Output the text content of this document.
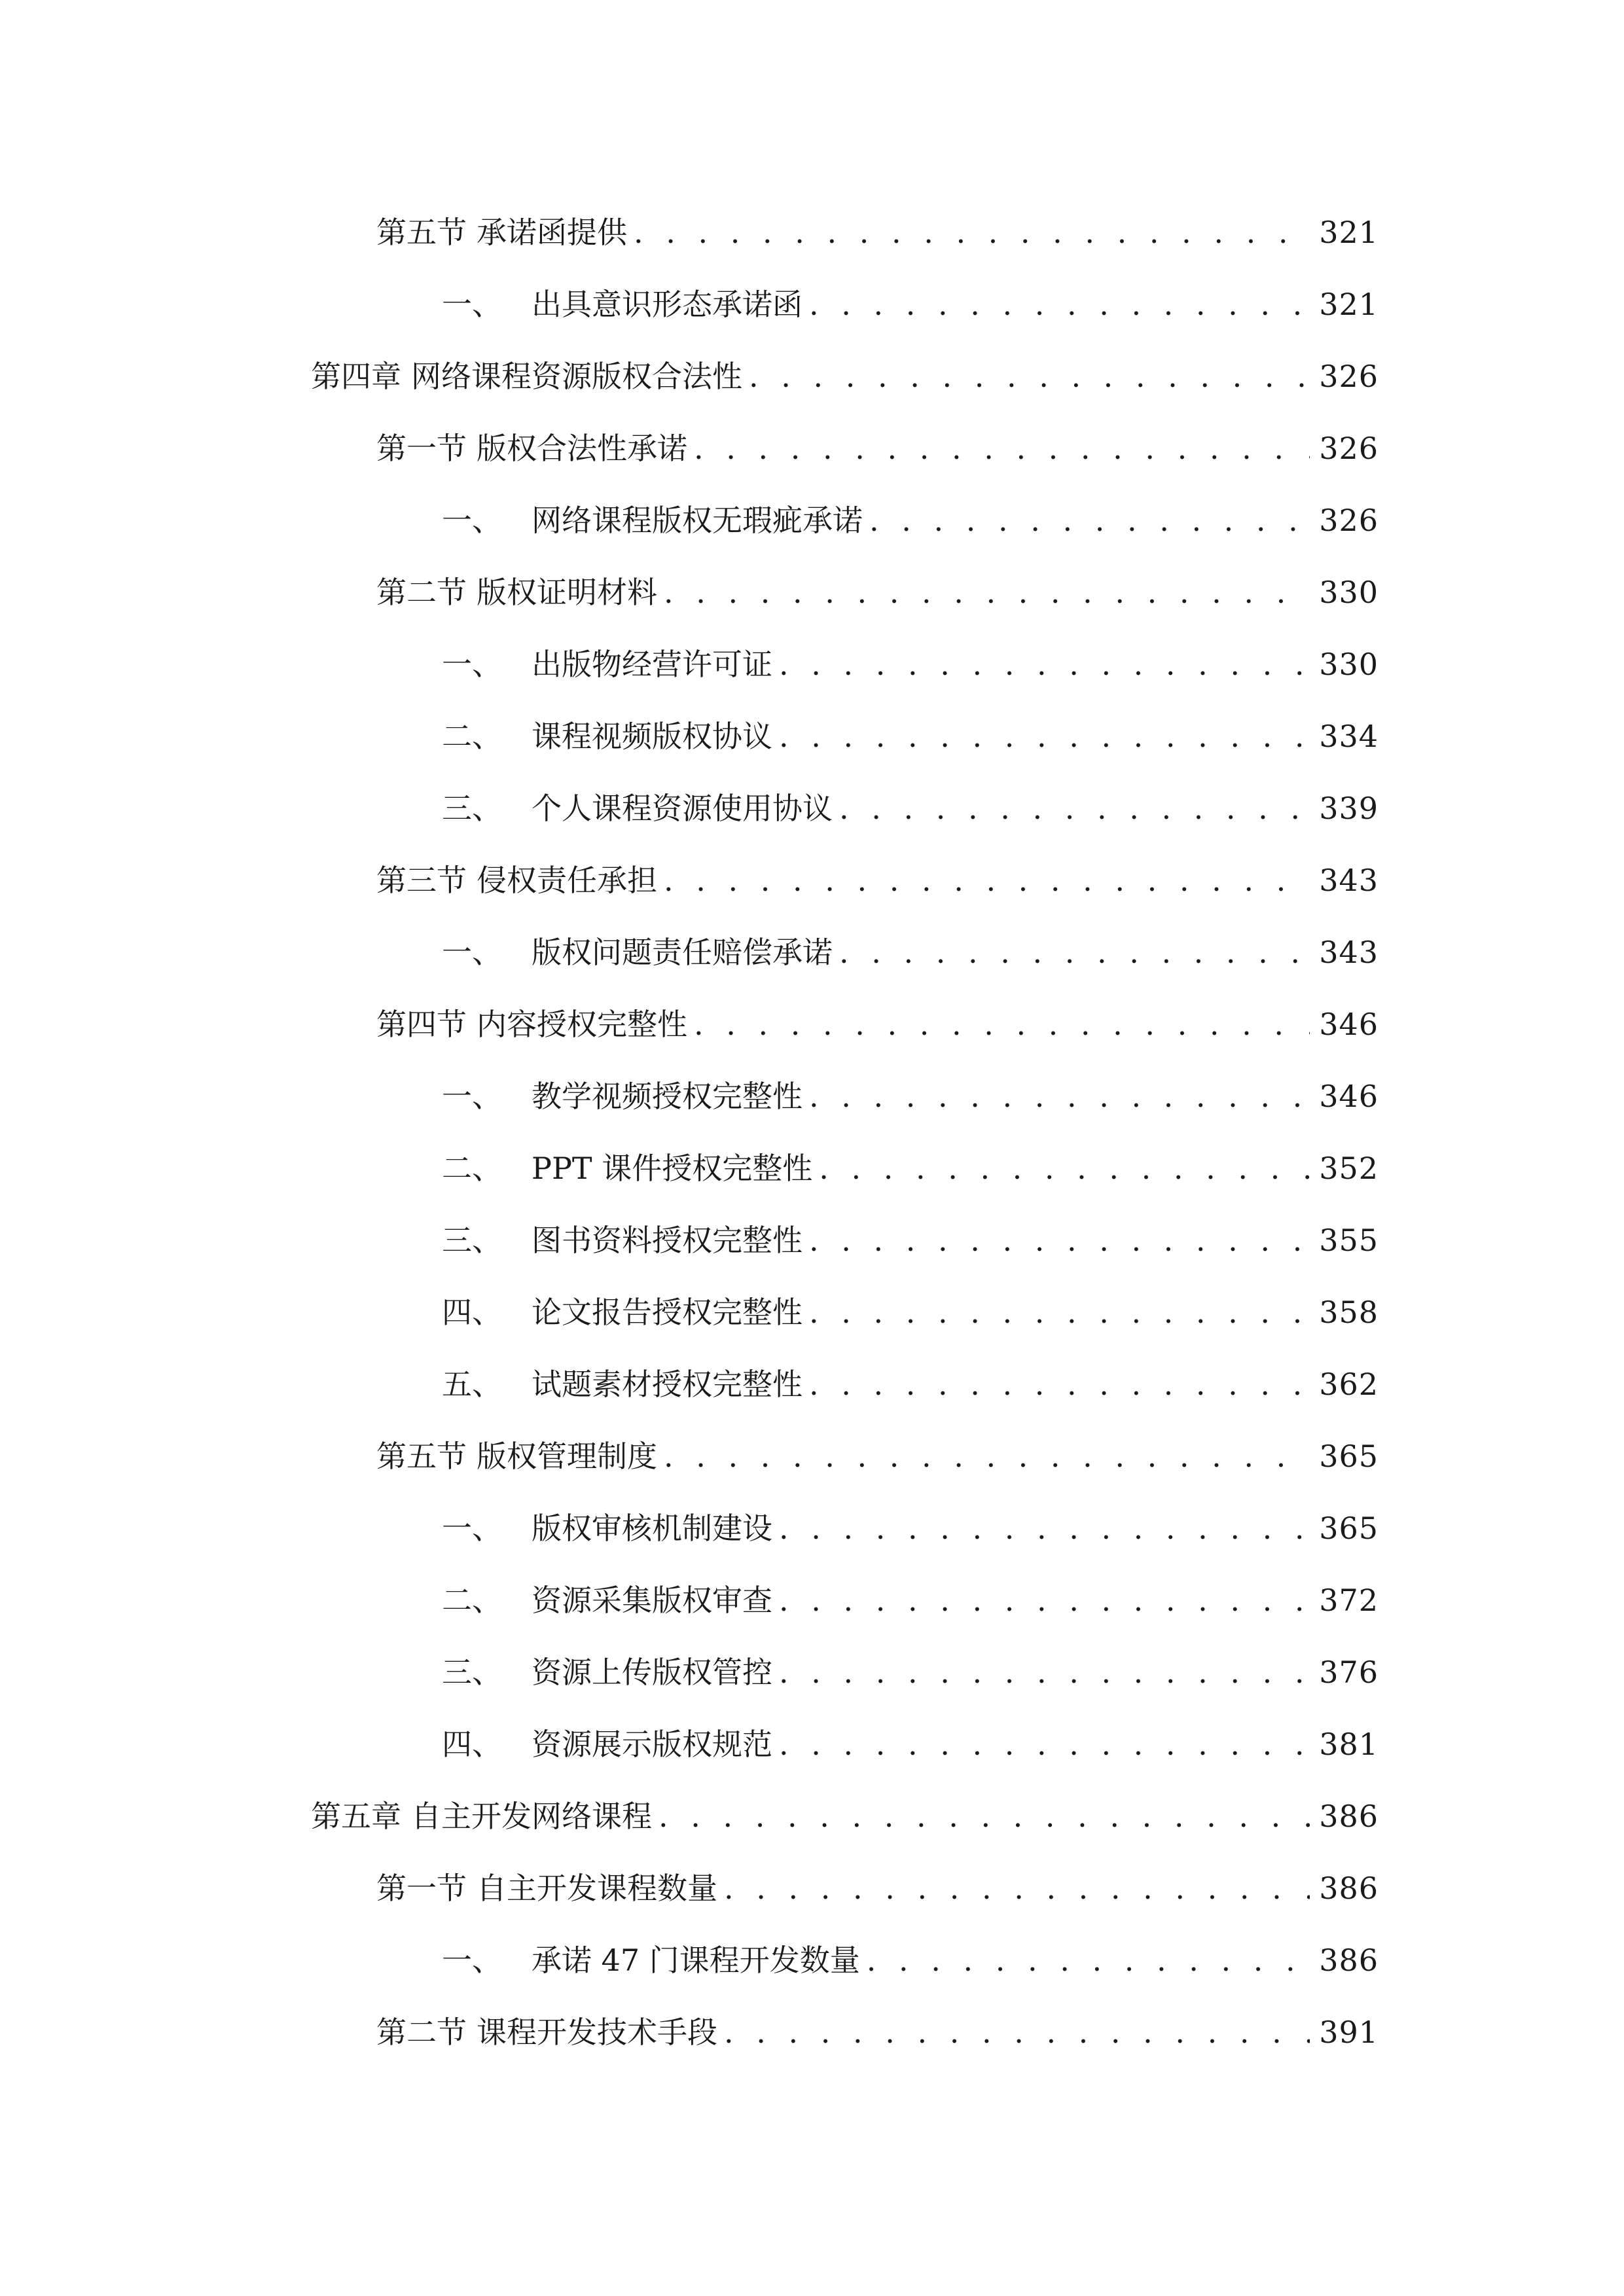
第五节 承诺函提供 . . .	321
一、 出具意识形态承诺函 . . .	321
第四章 网络课程资源版权合法性 . . .	326
第一节 版权合法性承诺 . . .	326
一、 网络课程版权无瑕疵承诺 . . .	326
第二节 版权证明材料 . . .	330
一、 出版物经营许可证 . . .	330
二、 课程视频版权协议 . . .	334
三、 个人课程资源使用协议 . . .	339
第三节 侵权责任承担 . . .	343
一、 版权问题责任赔偿承诺 . . .	343
第四节 内容授权完整性 . . .	346
一、 教学视频授权完整性 . . .	346
二、 PPT 课件授权完整性 . . .	352
三、 图书资料授权完整性 . . .	355
四、 论文报告授权完整性 . . .	358
五、 试题素材授权完整性 . . .	362
第五节 版权管理制度 . . .	365
一、 版权审核机制建设 . . .	365
二、 资源采集版权审查 . . .	372
三、 资源上传版权管控 . . .	376
四、 资源展示版权规范 . . .	381
第五章 自主开发网络课程 . . .	386
第一节 自主开发课程数量 . . .	386
一、 承诺 47 门课程开发数量 . . .	386
第二节 课程开发技术手段 . . .	391
